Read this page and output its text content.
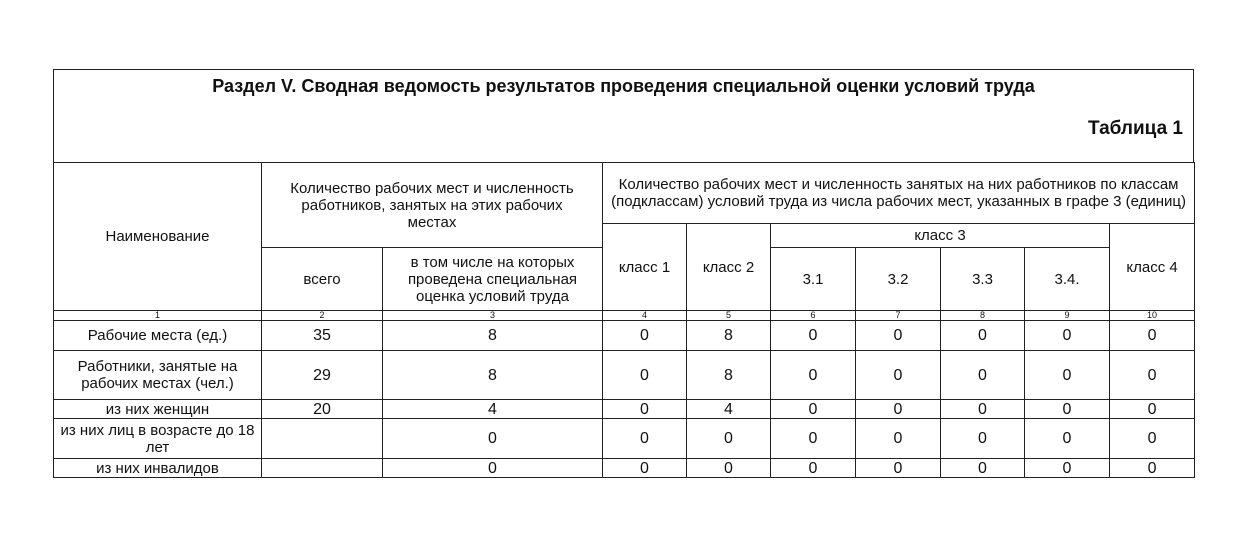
Раздел V. Сводная ведомость результатов проведения специальной оценки условий труда
Таблица 1
Наименование	Количество рабочих мест и численность работников, занятых на этих рабочих местах		Количество рабочих мест и численность занятых на них работников по классам (подклассам) условий труда из числа рабочих мест, указанных в графе 3 (единиц)						
			класс 1	класс 2	класс 3				класс 4
	всего	в том числе на которых проведена специальная оценка условий труда			3.1	3.2	3.3	3.4.	
1	2	3	4	5	6	7	8	9	10
Рабочие места (ед.)	35	8	0	8	0	0	0	0	0
Работники, занятые на рабочих местах (чел.)	29	8	0	8	0	0	0	0	0
из них женщин	20	4	0	4	0	0	0	0	0
из них лиц в возрасте до 18 лет		0	0	0	0	0	0	0	0
из них инвалидов		0	0	0	0	0	0	0	0
